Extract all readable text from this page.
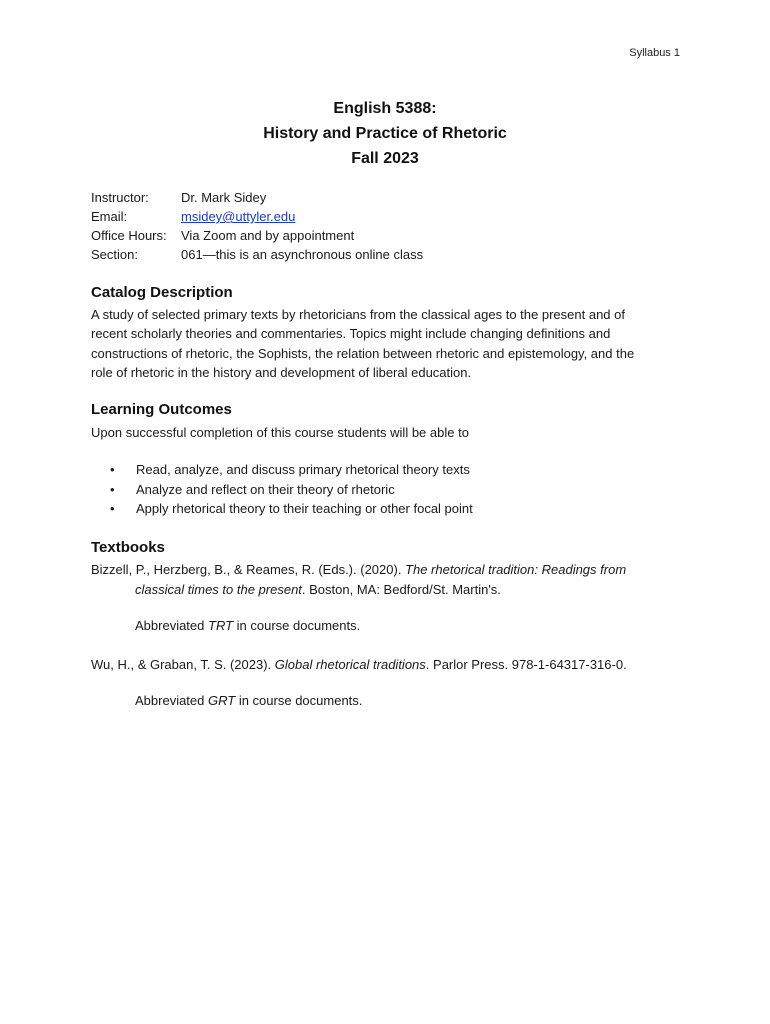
Syllabus 1
English 5388:
History and Practice of Rhetoric
Fall 2023
Instructor:	Dr. Mark Sidey
Email:	msidey@uttyler.edu
Office Hours:	Via Zoom and by appointment
Section:	061—this is an asynchronous online class
Catalog Description
A study of selected primary texts by rhetoricians from the classical ages to the present and of
recent scholarly theories and commentaries. Topics might include changing definitions and
constructions of rhetoric, the Sophists, the relation between rhetoric and epistemology, and the
role of rhetoric in the history and development of liberal education.
Learning Outcomes
Upon successful completion of this course students will be able to
• Read, analyze, and discuss primary rhetorical theory texts
• Analyze and reflect on their theory of rhetoric
• Apply rhetorical theory to their teaching or other focal point
Textbooks
Bizzell, P., Herzberg, B., & Reames, R. (Eds.). (2020). The rhetorical tradition: Readings from
classical times to the present. Boston, MA: Bedford/St. Martin's.
Abbreviated TRT in course documents.
Wu, H., & Graban, T. S. (2023). Global rhetorical traditions. Parlor Press. 978-1-64317-316-0.
Abbreviated GRT in course documents.
